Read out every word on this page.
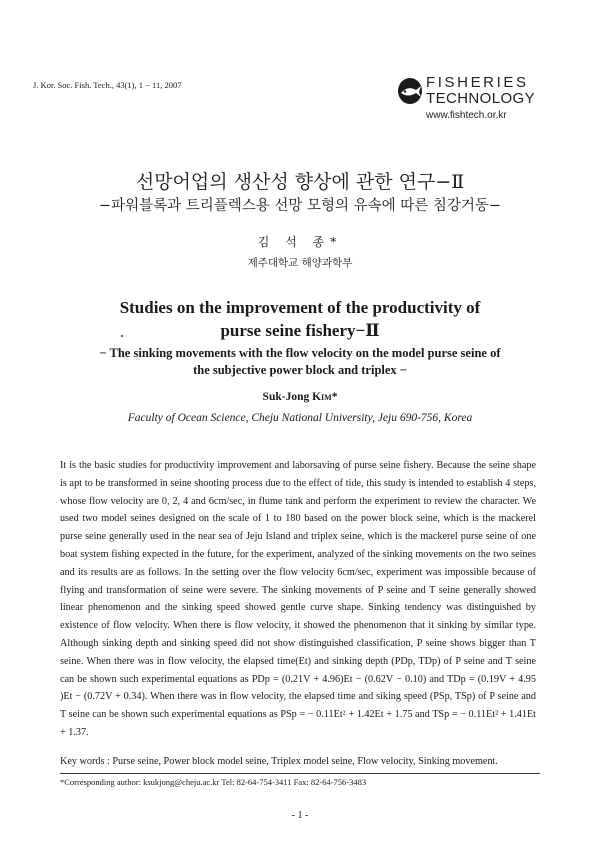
J. Kor. Soc. Fish. Tech., 43(1), 1 − 11, 2007	FISHERIES
TECHNOLOGY
www.fishtech.or.kr
선망어업의 생산성 향상에 관한 연구−Ⅱ
−파워블록과 트리플렉스용 선망 모형의 유속에 따른 침강거동−
김 석 종*
제주대학교 해양과학부
Studies on the improvement of the productivity of
purse seine fishery−Ⅱ
− The sinking movements with the flow velocity on the model purse seine of
the subjective power block and triplex −
Suk-Jong Kim*
Faculty of Ocean Science, Cheju National University, Jeju 690-756, Korea

It is the basic studies for productivity improvement and laborsaving of purse seine fishery. Because the seine shape is apt to be transformed in seine shooting process due to the effect of tide, this study is intended to establish 4 steps, whose flow velocity are 0, 2, 4 and 6cm/sec, in flume tank and perform the experiment to review the character. We used two model seines designed on the scale of 1 to 180 based on the power block seine, which is the mackerel purse seine generally used in the near sea of Jeju Island and triplex seine, which is the mackerel purse seine of one boat system fishing expected in the future, for the experiment, analyzed of the sinking movements on the two seines and its results are as follows. In the setting over the flow velocity 6cm/sec, experiment was impossible because of flying and transformation of seine were severe. The sinking movements of P seine and T seine generally showed linear phenomenon and the sinking speed showed gentle curve shape. Sinking tendency was distinguished by existence of flow velocity. When there is flow velocity, it showed the phenomenon that it sinking by similar type. Although sinking depth and sinking speed did not show distinguished classification, P seine shows bigger than T seine. When there was in flow velocity, the elapsed time(Et) and sinking depth (PDp, TDp) of P seine and T seine can be shown such experimental equations as PDp = (0.21V + 4.96)Et − (0.62V − 0.10) and TDp = (0.19V + 4.95 )Et − (0.72V + 0.34). When there was in flow velocity, the elapsed time and siking speed (PSp, TSp) of P seine and T seine can be shown such experimental equations as PSp = − 0.11Et² + 1.42Et + 1.75 and TSp = − 0.11Et² + 1.41Et + 1.37.

Key words : Purse seine, Power block model seine, Triplex model seine, Flow velocity, Sinking movement.
*Corresponding author: ksukjong@cheju.ac.kr Tel: 82-64-754-3411 Fax: 82-64-756-3483
- 1 -
